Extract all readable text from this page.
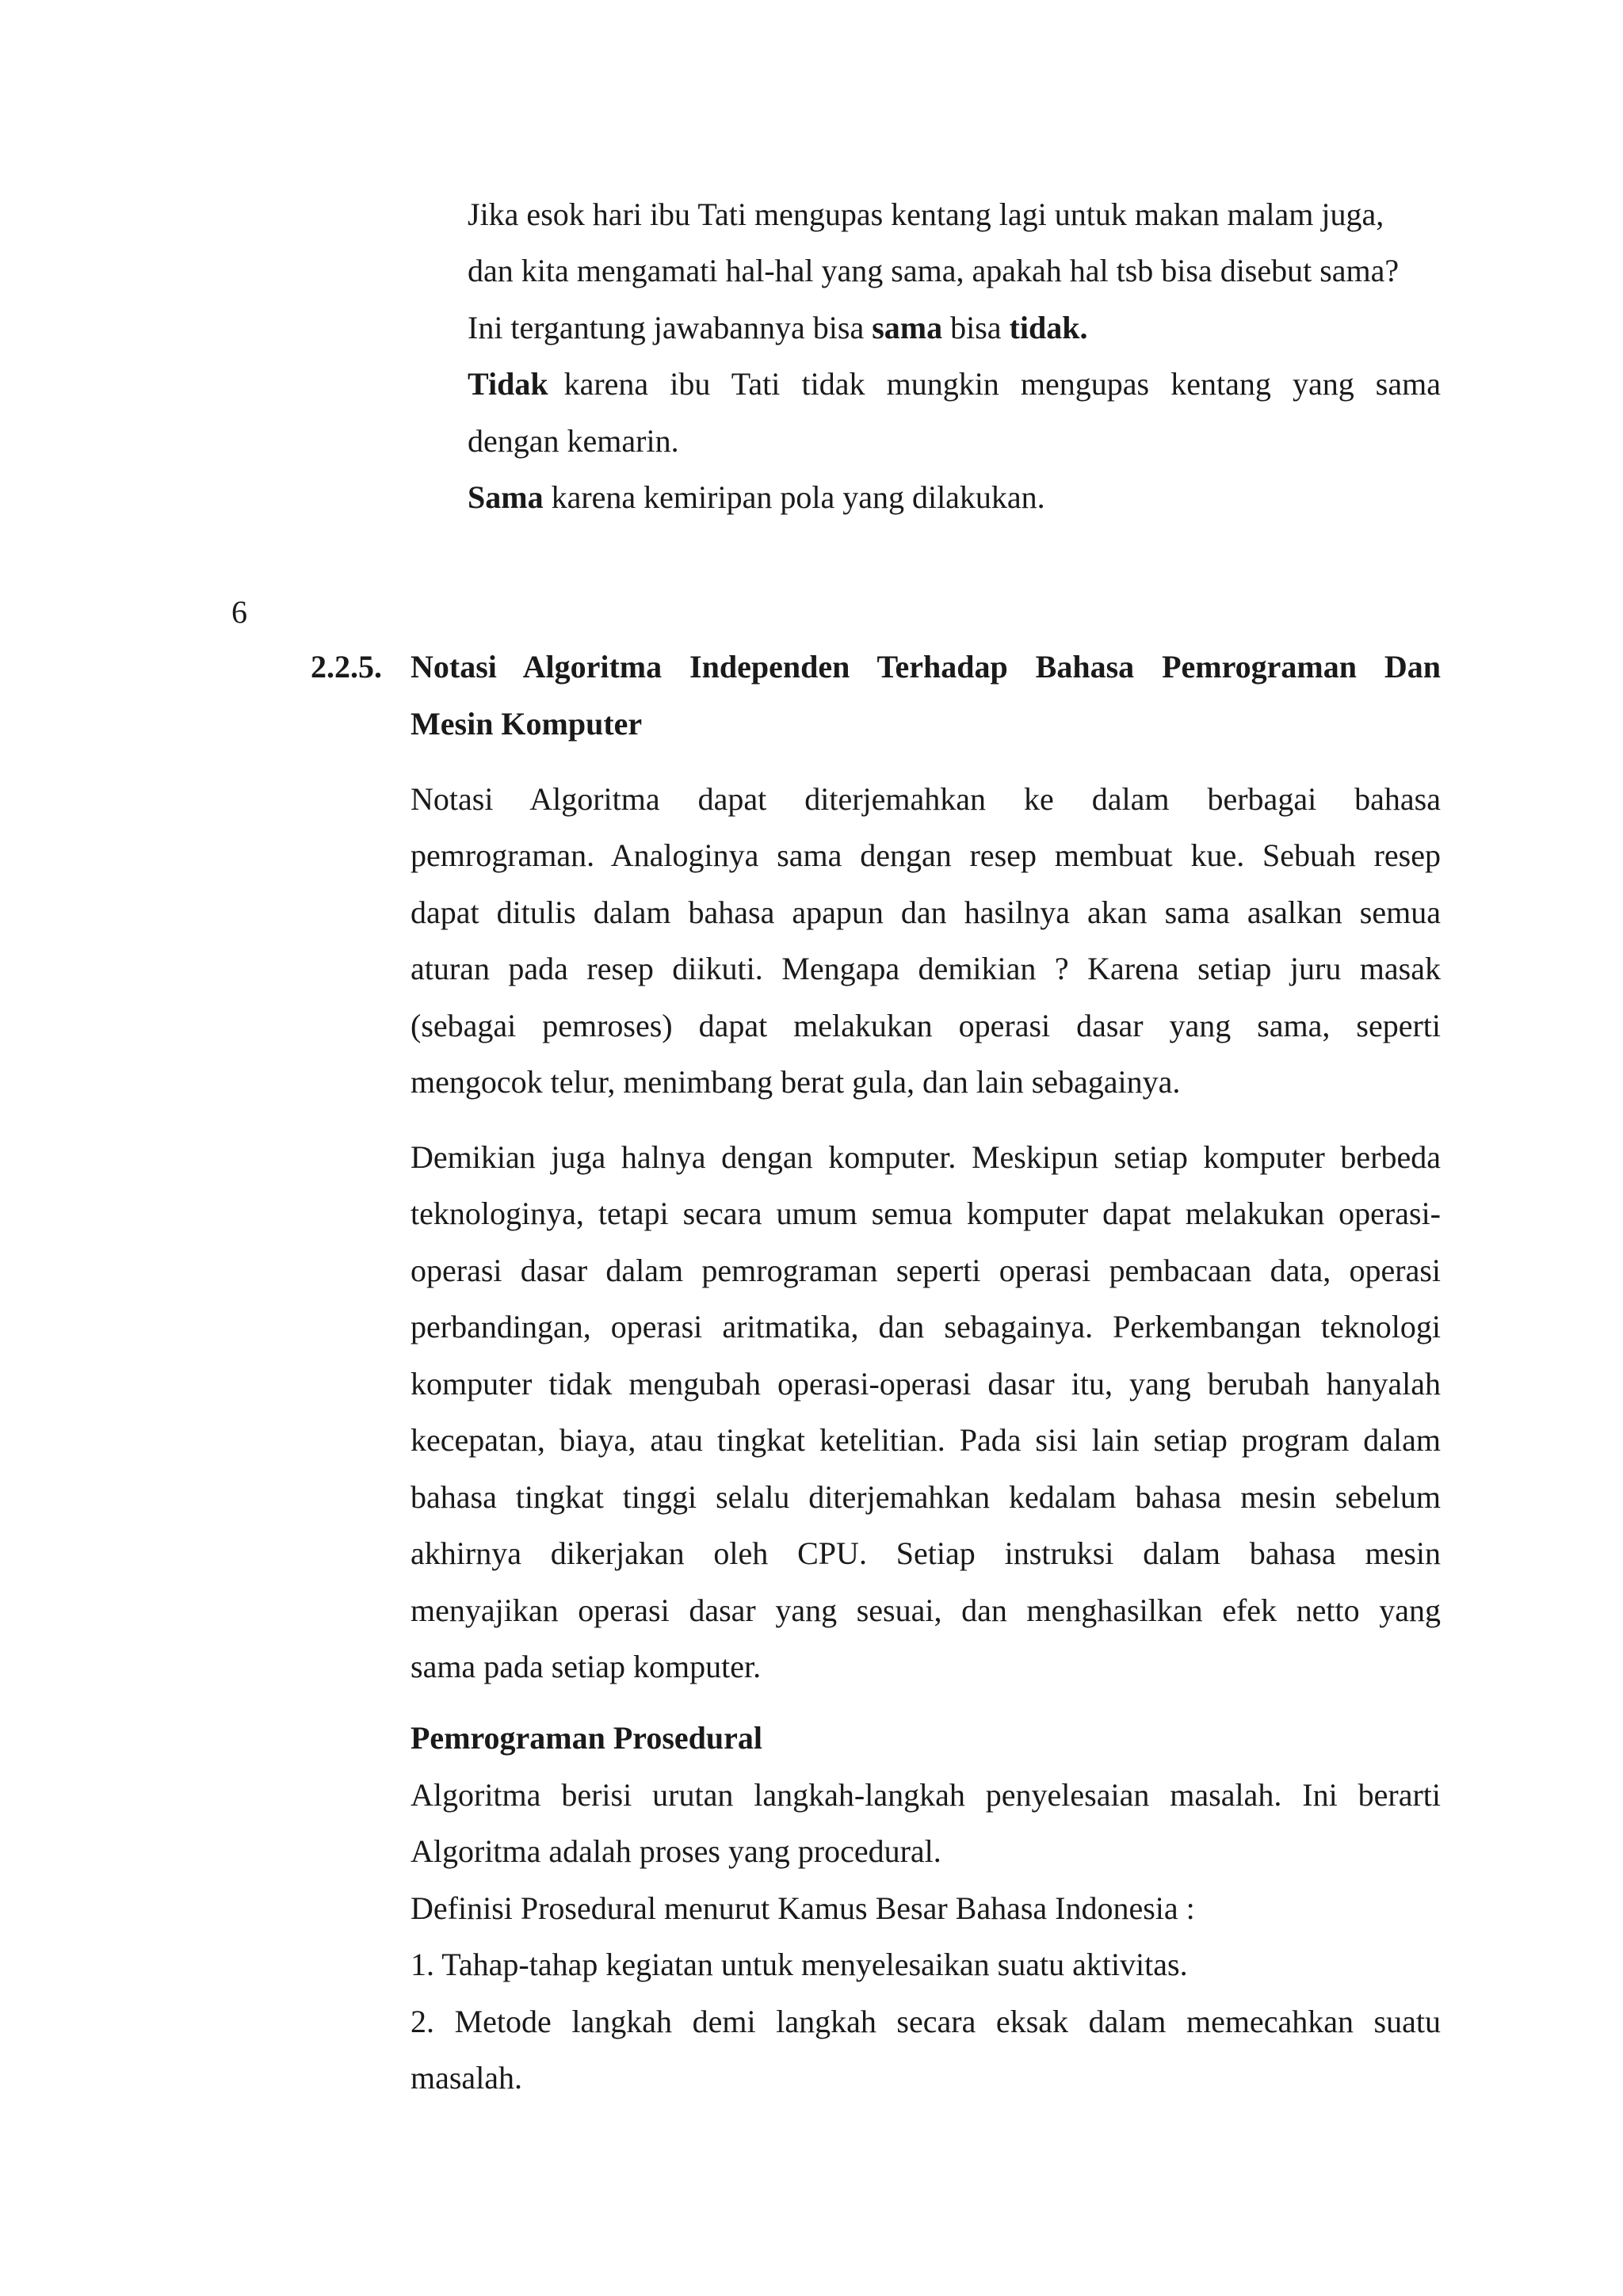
Jika esok hari ibu Tati mengupas kentang lagi untuk makan malam juga,
dan kita mengamati hal-hal yang sama, apakah hal tsb bisa disebut sama?
Ini tergantung jawabannya bisa sama bisa tidak.
Tidak karena ibu Tati tidak mungkin mengupas kentang yang sama
dengan kemarin.
Sama karena kemiripan pola yang dilakukan.
6
2.2.5. Notasi Algoritma Independen Terhadap Bahasa Pemrograman Dan
Mesin Komputer
Notasi Algoritma dapat diterjemahkan ke dalam berbagai bahasa
pemrograman. Analoginya sama dengan resep membuat kue. Sebuah resep
dapat ditulis dalam bahasa apapun dan hasilnya akan sama asalkan semua
aturan pada resep diikuti. Mengapa demikian ? Karena setiap juru masak
(sebagai pemroses) dapat melakukan operasi dasar yang sama, seperti
mengocok telur, menimbang berat gula, dan lain sebagainya.
Demikian juga halnya dengan komputer. Meskipun setiap komputer berbeda
teknologinya, tetapi secara umum semua komputer dapat melakukan operasi-
operasi dasar dalam pemrograman seperti operasi pembacaan data, operasi
perbandingan, operasi aritmatika, dan sebagainya. Perkembangan teknologi
komputer tidak mengubah operasi-operasi dasar itu, yang berubah hanyalah
kecepatan, biaya, atau tingkat ketelitian. Pada sisi lain setiap program dalam
bahasa tingkat tinggi selalu diterjemahkan kedalam bahasa mesin sebelum
akhirnya dikerjakan oleh CPU. Setiap instruksi dalam bahasa mesin
menyajikan operasi dasar yang sesuai, dan menghasilkan efek netto yang
sama pada setiap komputer.
Pemrograman Prosedural
Algoritma berisi urutan langkah-langkah penyelesaian masalah. Ini berarti
Algoritma adalah proses yang procedural.
Definisi Prosedural menurut Kamus Besar Bahasa Indonesia :
1. Tahap-tahap kegiatan untuk menyelesaikan suatu aktivitas.
2. Metode langkah demi langkah secara eksak dalam memecahkan suatu
masalah.
